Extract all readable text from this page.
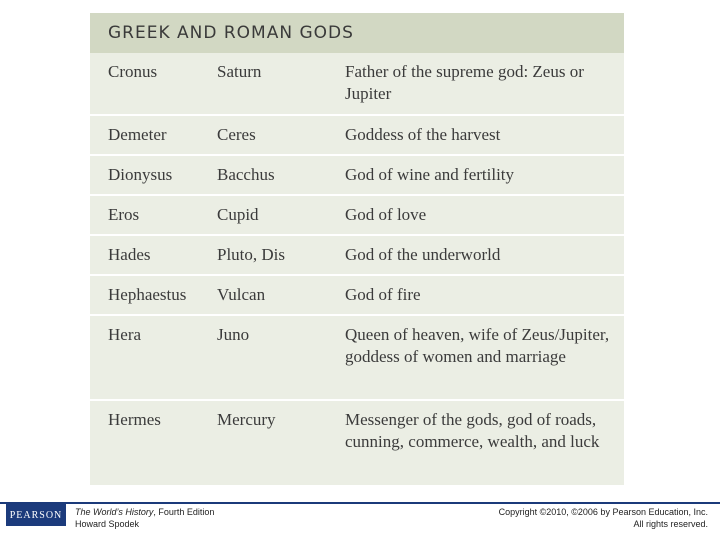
GREEK AND ROMAN GODS
Cronus	Saturn	Father of the supreme god: Zeus or Jupiter
Demeter	Ceres	Goddess of the harvest
Dionysus	Bacchus	God of wine and fertility
Eros	Cupid	God of love
Hades	Pluto, Dis	God of the underworld
Hephaestus	Vulcan	God of fire
Hera	Juno	Queen of heaven, wife of Zeus/Jupiter, goddess of women and marriage
Hermes	Mercury	Messenger of the gods, god of roads, cunning, commerce, wealth, and luck
PEARSON	The World’s History, Fourth Edition
Howard Spodek
Copyright ©2010, ©2006 by Pearson Education, Inc.
All rights reserved.
